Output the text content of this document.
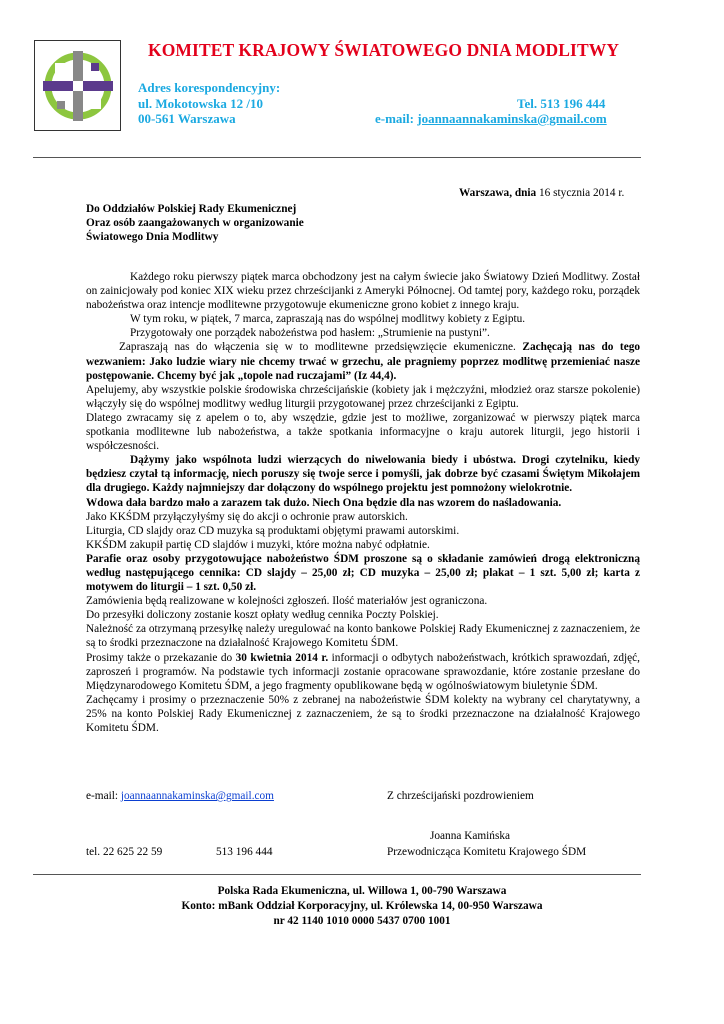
KOMITET KRAJOWY ŚWIATOWEGO DNIA MODLITWY
Adres korespondencyjny:
ul. Mokotowska 12 /10
00-561 Warszawa
Tel. 513 196 444
e-mail: joannaannakaminska@gmail.com
Warszawa, dnia 16 stycznia 2014 r.
Do Oddziałów Polskiej Rady Ekumenicznej
Oraz osób zaangażowanych w organizowanie
Światowego Dnia Modlitwy

Każdego roku pierwszy piątek marca obchodzony jest na całym świecie jako Światowy Dzień Modlitwy. Został on zainicjowały pod koniec XIX wieku przez chrześcijanki z Ameryki Północnej. Od tamtej pory, każdego roku, porządek nabożeństwa oraz intencje modlitewne przygotowuje ekumeniczne grono kobiet z innego kraju.

W tym roku, w piątek, 7 marca, zapraszają nas do wspólnej modlitwy kobiety z Egiptu.

Przygotowały one porządek nabożeństwa pod hasłem: „Strumienie na pustyni”.

Zapraszają nas do włączenia się w to modlitewne przedsięwzięcie ekumeniczne. Zachęcają nas do tego wezwaniem: Jako ludzie wiary nie chcemy trwać w grzechu, ale pragniemy poprzez modlitwę przemieniać nasze postępowanie. Chcemy być jak „topole nad ruczajami” (Iz 44,4).

Apelujemy, aby wszystkie polskie środowiska chrześcijańskie (kobiety jak i mężczyźni, młodzież oraz starsze pokolenie) włączyły się do wspólnej modlitwy według liturgii przygotowanej przez chrześcijanki z Egiptu.

Dlatego zwracamy się z apelem o to, aby wszędzie, gdzie jest to możliwe, zorganizować w pierwszy piątek marca spotkania modlitewne lub nabożeństwa, a także spotkania informacyjne o kraju autorek liturgii, jego historii i współczesności.

Dążymy jako wspólnota ludzi wierzących do niwelowania biedy i ubóstwa. Drogi czytelniku, kiedy będziesz czytał tą informację, niech poruszy się twoje serce i pomyśli, jak dobrze być czasami Świętym Mikołajem dla drugiego. Każdy najmniejszy dar dołączony do wspólnego projektu jest pomnożony wielokrotnie.

Wdowa dała bardzo mało a zarazem tak dużo. Niech Ona będzie dla nas wzorem do naśladowania.

Jako KKŚDM przyłączyłyśmy się do akcji o ochronie praw autorskich.

Liturgia, CD slajdy oraz CD muzyka są produktami objętymi prawami autorskimi.

KKŚDM zakupił partię CD slajdów i muzyki, które można nabyć odpłatnie.

Parafie oraz osoby przygotowujące nabożeństwo ŚDM proszone są o składanie zamówień drogą elektroniczną według następującego cennika: CD slajdy – 25,00 zł; CD muzyka – 25,00 zł; plakat – 1 szt. 5,00 zł; karta z motywem do liturgii – 1 szt. 0,50 zł.

Zamówienia będą realizowane w kolejności zgłoszeń. Ilość materiałów jest ograniczona.

Do przesyłki doliczony zostanie koszt opłaty według cennika Poczty Polskiej.

Należność za otrzymaną przesyłkę należy uregulować na konto bankowe Polskiej Rady Ekumenicznej z zaznaczeniem, że są to środki przeznaczone na działalność Krajowego Komitetu ŚDM.

Prosimy także o przekazanie do 30 kwietnia 2014 r. informacji o odbytych nabożeństwach, krótkich sprawozdań, zdjęć, zaproszeń i programów. Na podstawie tych informacji zostanie opracowane sprawozdanie, które zostanie przesłane do Międzynarodowego Komitetu ŚDM, a jego fragmenty opublikowane będą w ogólnoświatowym biuletynie ŚDM.

Zachęcamy i prosimy o przeznaczenie 50% z zebranej na nabożeństwie ŚDM kolekty na wybrany cel charytatywny, a 25% na konto Polskiej Rady Ekumenicznej z zaznaczeniem, że są to środki przeznaczone na działalność Krajowego Komitetu ŚDM.

e-mail: joannaannakaminska@gmail.com	Z chrześcijański pozdrowieniem
Joanna Kamińska
tel. 22 625 22 59	513 196 444	Przewodnicząca Komitetu Krajowego ŚDM
Polska Rada Ekumeniczna, ul. Willowa 1, 00-790 Warszawa
Konto: mBank Oddział Korporacyjny, ul. Królewska 14, 00-950 Warszawa
nr 42 1140 1010 0000 5437 0700 1001
